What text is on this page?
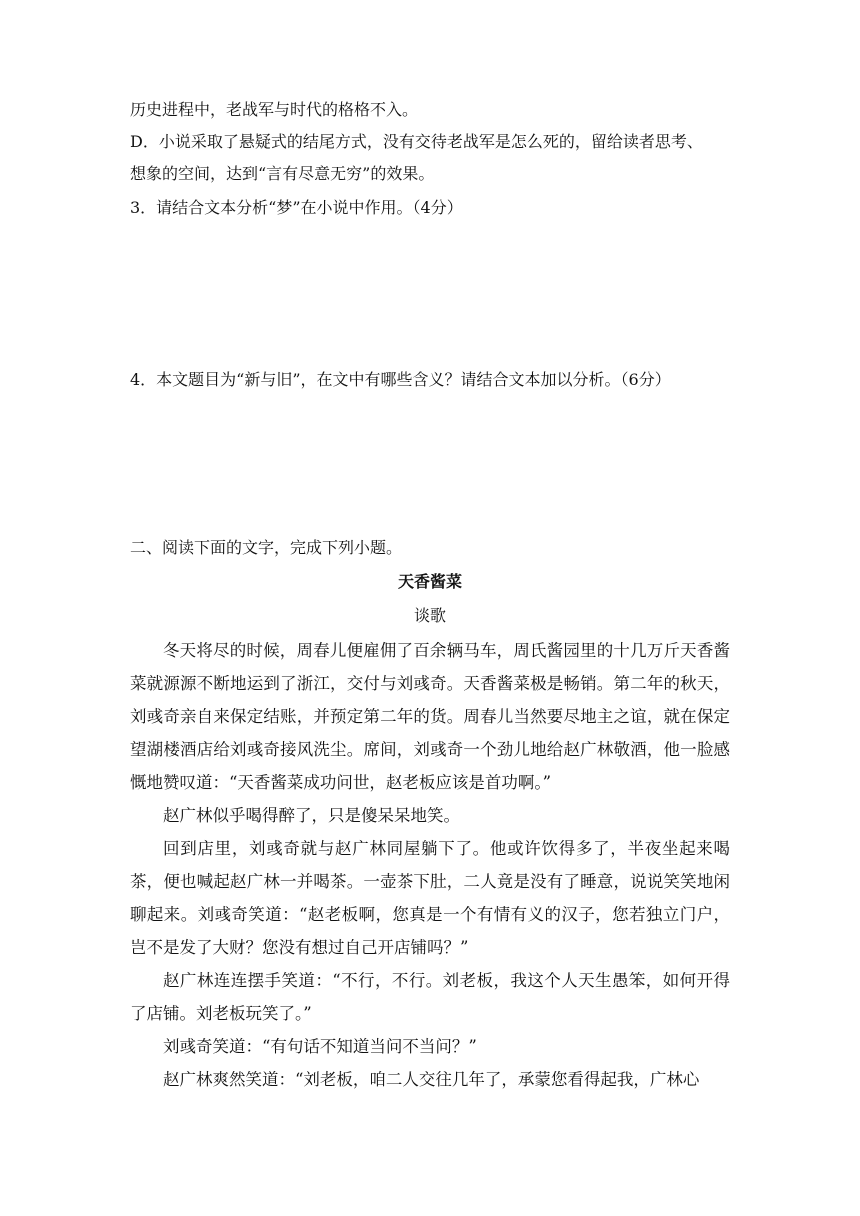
历史进程中，老战军与时代的格格不入。
D．小说采取了悬疑式的结尾方式，没有交待老战军是怎么死的，留给读者思考、
想象的空间，达到“言有尽意无穷”的效果。
3．请结合文本分析“梦”在小说中作用。（4分）
4．本文题目为“新与旧”，在文中有哪些含义？请结合文本加以分析。（6分）
二、阅读下面的文字，完成下列小题。
天香酱菜
谈歌
冬天将尽的时候，周春儿便雇佣了百余辆马车，周氏酱园里的十几万斤天香酱菜就源源不断地运到了浙江，交付与刘彧奇。天香酱菜极是畅销。第二年的秋天，刘彧奇亲自来保定结账，并预定第二年的货。周春儿当然要尽地主之谊，就在保定望湖楼酒店给刘彧奇接风洗尘。席间，刘彧奇一个劲儿地给赵广林敬酒，他一脸感慨地赞叹道：“天香酱菜成功问世，赵老板应该是首功啊。”
赵广林似乎喝得醉了，只是傻呆呆地笑。
回到店里，刘彧奇就与赵广林同屋躺下了。他或许饮得多了，半夜坐起来喝茶，便也喊起赵广林一并喝茶。一壶茶下肚，二人竟是没有了睡意，说说笑笑地闲聊起来。刘彧奇笑道：“赵老板啊，您真是一个有情有义的汉子，您若独立门户，岂不是发了大财？您没有想过自己开店铺吗？”
赵广林连连摆手笑道：“不行，不行。刘老板，我这个人天生愚笨，如何开得了店铺。刘老板玩笑了。”
刘彧奇笑道：“有句话不知道当问不当问？”
赵广林爽然笑道：“刘老板，咱二人交往几年了，承蒙您看得起我，广林心
